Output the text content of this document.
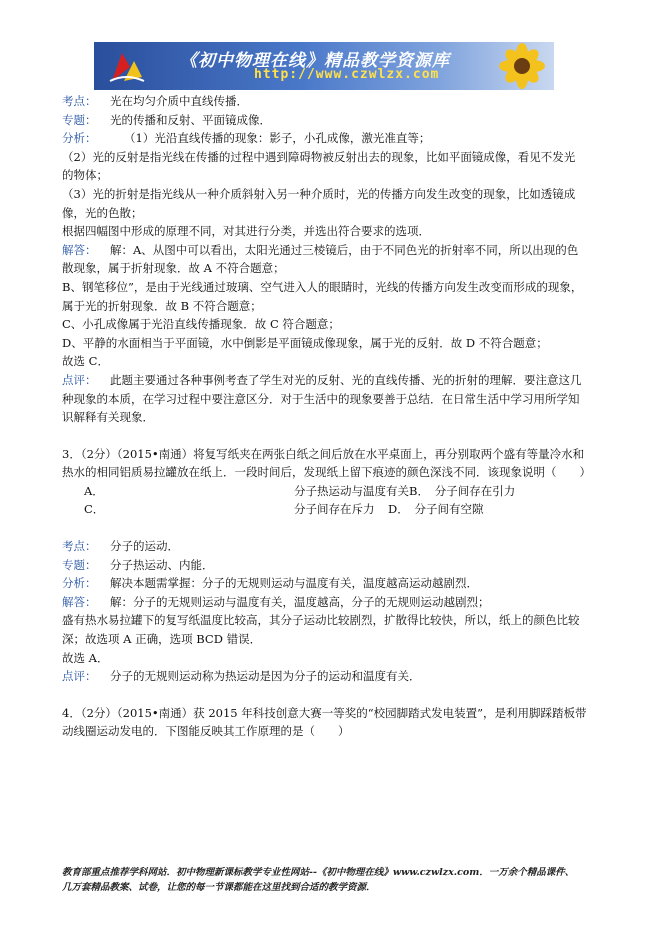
《初中物理在线》精品教学资源库
http://www.czwlzx.com
考点： 光在均匀介质中直线传播．
专题： 光的传播和反射、平面镜成像．
分析： （1）光沿直线传播的现象：影子，小孔成像，激光准直等；
（2）光的反射是指光线在传播的过程中遇到障碍物被反射出去的现象，比如平面镜成像，看见不发光
的物体；
（3）光的折射是指光线从一种介质斜射入另一种介质时，光的传播方向发生改变的现象，比如透镜成
像，光的色散；
根据四幅图中形成的原理不同，对其进行分类，并选出符合要求的选项．
解答： 解：A、从图中可以看出，太阳光通过三棱镜后，由于不同色光的折射率不同，所以出现的色
散现象，属于折射现象．故 A 不符合题意；
B、钢笔移位”，是由于光线通过玻璃、空气进入人的眼睛时，光线的传播方向发生改变而形成的现象，
属于光的折射现象．故 B 不符合题意；
C、小孔成像属于光沿直线传播现象．故 C 符合题意；
D、平静的水面相当于平面镜，水中倒影是平面镜成像现象，属于光的反射．故 D 不符合题意；
故选 C．
点评： 此题主要通过各种事例考查了学生对光的反射、光的直线传播、光的折射的理解．要注意这几
种现象的本质，在学习过程中要注意区分．对于生活中的现象要善于总结．在日常生活中学习用所学知
识解释有关现象．
3．（2分）（2015•南通）将复写纸夹在两张白纸之间后放在水平桌面上，再分别取两个盛有等量冷水和
热水的相同铝质易拉罐放在纸上．一段时间后，发现纸上留下痕迹的颜色深浅不同．该现象说明（　　）
A．	分子热运动与温度有关 B．　分子间存在引力
C．	分子间存在斥力	D．　分子间有空隙
考点： 分子的运动．
专题： 分子热运动、内能．
分析： 解决本题需掌握：分子的无规则运动与温度有关，温度越高运动越剧烈．
解答： 解：分子的无规则运动与温度有关，温度越高，分子的无规则运动越剧烈；
盛有热水易拉罐下的复写纸温度比较高，其分子运动比较剧烈，扩散得比较快，所以，纸上的颜色比较
深；故选项 A 正确，选项 BCD 错误．
故选 A．
点评： 分子的无规则运动称为热运动是因为分子的运动和温度有关．
4．（2分）（2015•南通）获 2015 年科技创意大赛一等奖的“校园脚踏式发电装置”，是利用脚踩踏板带
动线圈运动发电的．下图能反映其工作原理的是（　　）
教育部重点推荐学科网站．初中物理新课标教学专业性网站--《初中物理在线》www.czwlzx.com．一万余个精品课件、
几万套精品教案、试卷，让您的每一节课都能在这里找到合适的教学资源．
